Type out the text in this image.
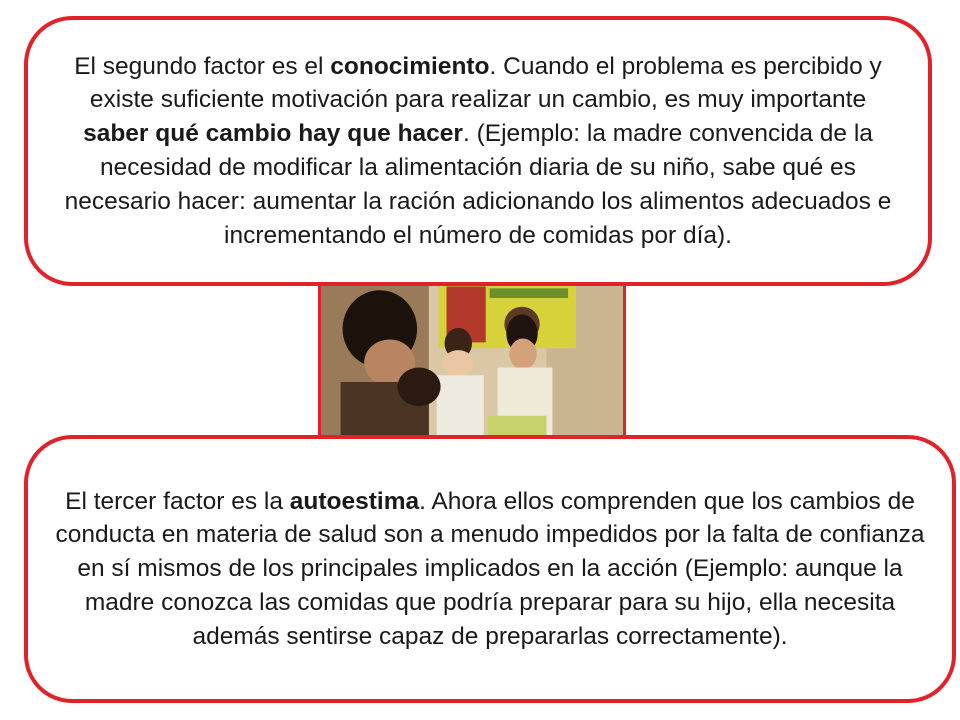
El segundo factor es el conocimiento. Cuando el problema es percibido y existe suficiente motivación para realizar un cambio, es muy importante saber qué cambio hay que hacer. (Ejemplo: la madre convencida de la necesidad de modificar la alimentación diaria de su niño, sabe qué es necesario hacer: aumentar la ración adicionando los alimentos adecuados e incrementando el número de comidas por día).

El tercer factor es la autoestima. Ahora ellos comprenden que los cambios de conducta en materia de salud son a menudo impedidos por la falta de confianza en sí mismos de los principales implicados en la acción (Ejemplo: aunque la madre conozca las comidas que podría preparar para su hijo, ella necesita además sentirse capaz de prepararlas correctamente).
